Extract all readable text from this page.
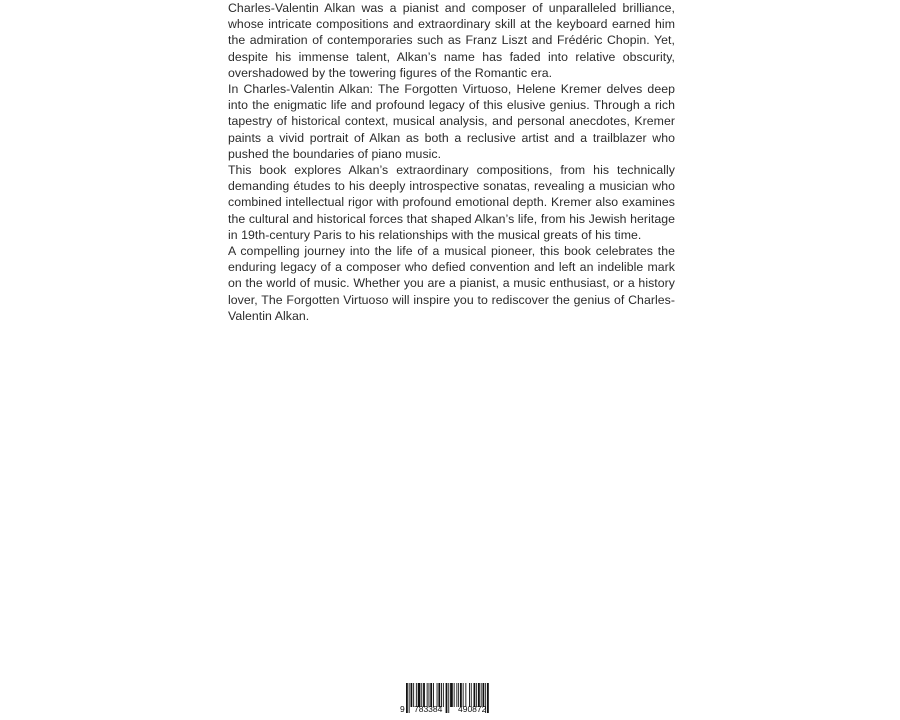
Charles-Valentin Alkan was a pianist and composer of unparalleled brilliance, whose intricate compositions and extraordinary skill at the keyboard earned him the admiration of contemporaries such as Franz Liszt and Frédéric Chopin. Yet, despite his immense talent, Alkan’s name has faded into relative obscurity, overshadowed by the towering figures of the Romantic era.

In Charles-Valentin Alkan: The Forgotten Virtuoso, Helene Kremer delves deep into the enigmatic life and profound legacy of this elusive genius. Through a rich tapestry of historical context, musical analysis, and personal anecdotes, Kremer paints a vivid portrait of Alkan as both a reclusive artist and a trailblazer who pushed the boundaries of piano music.

This book explores Alkan’s extraordinary compositions, from his technically demanding études to his deeply introspective sonatas, revealing a musician who combined intellectual rigor with profound emotional depth. Kremer also examines the cultural and historical forces that shaped Alkan’s life, from his Jewish heritage in 19th-century Paris to his relationships with the musical greats of his time.

A compelling journey into the life of a musical pioneer, this book celebrates the enduring legacy of a composer who defied convention and left an indelible mark on the world of music. Whether you are a pianist, a music enthusiast, or a history lover, The Forgotten Virtuoso will inspire you to rediscover the genius of Charles-Valentin Alkan.

9 783384 490872
